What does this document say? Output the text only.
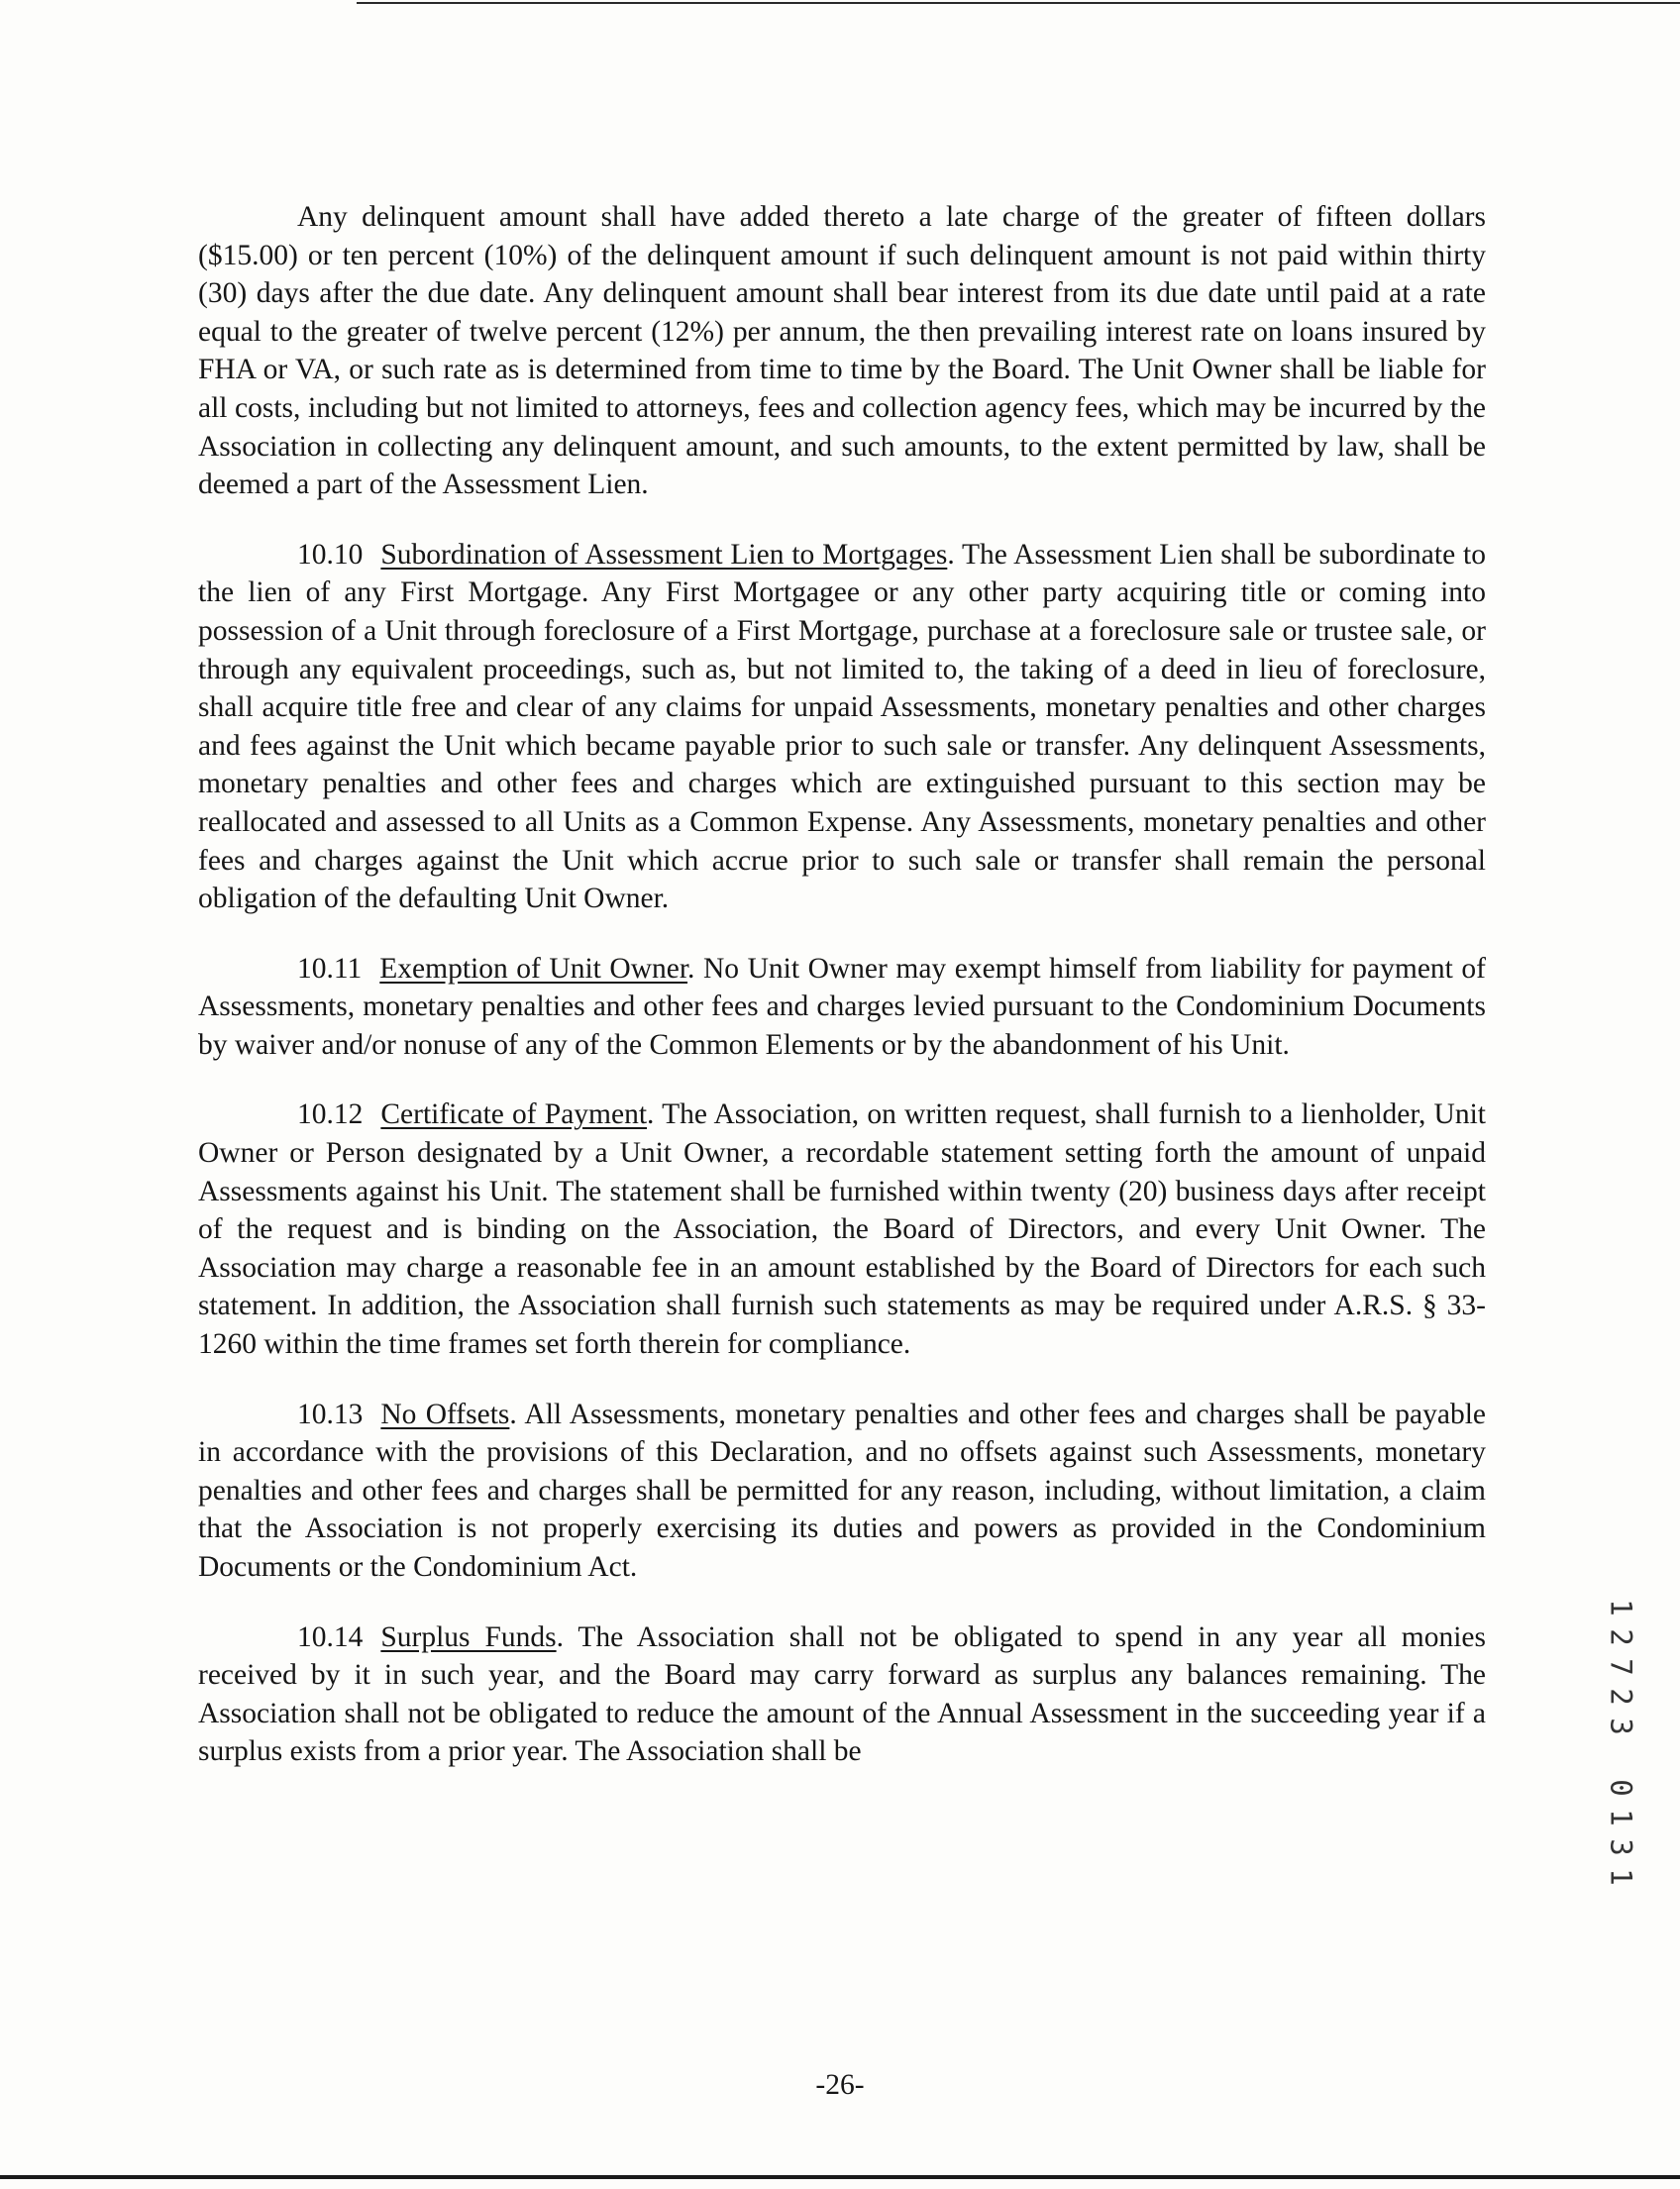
Any delinquent amount shall have added thereto a late charge of the greater of fifteen dollars ($15.00) or ten percent (10%) of the delinquent amount if such delinquent amount is not paid within thirty (30) days after the due date. Any delinquent amount shall bear interest from its due date until paid at a rate equal to the greater of twelve percent (12%) per annum, the then prevailing interest rate on loans insured by FHA or VA, or such rate as is determined from time to time by the Board. The Unit Owner shall be liable for all costs, including but not limited to attorneys, fees and collection agency fees, which may be incurred by the Association in collecting any delinquent amount, and such amounts, to the extent permitted by law, shall be deemed a part of the Assessment Lien.

10.10 Subordination of Assessment Lien to Mortgages. The Assessment Lien shall be subordinate to the lien of any First Mortgage. Any First Mortgagee or any other party acquiring title or coming into possession of a Unit through foreclosure of a First Mortgage, purchase at a foreclosure sale or trustee sale, or through any equivalent proceedings, such as, but not limited to, the taking of a deed in lieu of foreclosure, shall acquire title free and clear of any claims for unpaid Assessments, monetary penalties and other charges and fees against the Unit which became payable prior to such sale or transfer. Any delinquent Assessments, monetary penalties and other fees and charges which are extinguished pursuant to this section may be reallocated and assessed to all Units as a Common Expense. Any Assessments, monetary penalties and other fees and charges against the Unit which accrue prior to such sale or transfer shall remain the personal obligation of the defaulting Unit Owner.

10.11 Exemption of Unit Owner. No Unit Owner may exempt himself from liability for payment of Assessments, monetary penalties and other fees and charges levied pursuant to the Condominium Documents by waiver and/or nonuse of any of the Common Elements or by the abandonment of his Unit.

10.12 Certificate of Payment. The Association, on written request, shall furnish to a lienholder, Unit Owner or Person designated by a Unit Owner, a recordable statement setting forth the amount of unpaid Assessments against his Unit. The statement shall be furnished within twenty (20) business days after receipt of the request and is binding on the Association, the Board of Directors, and every Unit Owner. The Association may charge a reasonable fee in an amount established by the Board of Directors for each such statement. In addition, the Association shall furnish such statements as may be required under A.R.S. § 33-1260 within the time frames set forth therein for compliance.

10.13 No Offsets. All Assessments, monetary penalties and other fees and charges shall be payable in accordance with the provisions of this Declaration, and no offsets against such Assessments, monetary penalties and other fees and charges shall be permitted for any reason, including, without limitation, a claim that the Association is not properly exercising its duties and powers as provided in the Condominium Documents or the Condominium Act.

10.14 Surplus Funds. The Association shall not be obligated to spend in any year all monies received by it in such year, and the Board may carry forward as surplus any balances remaining. The Association shall not be obligated to reduce the amount of the Annual Assessment in the succeeding year if a surplus exists from a prior year. The Association shall be

1
2
7
2
3
0
1
3
1
-26-
